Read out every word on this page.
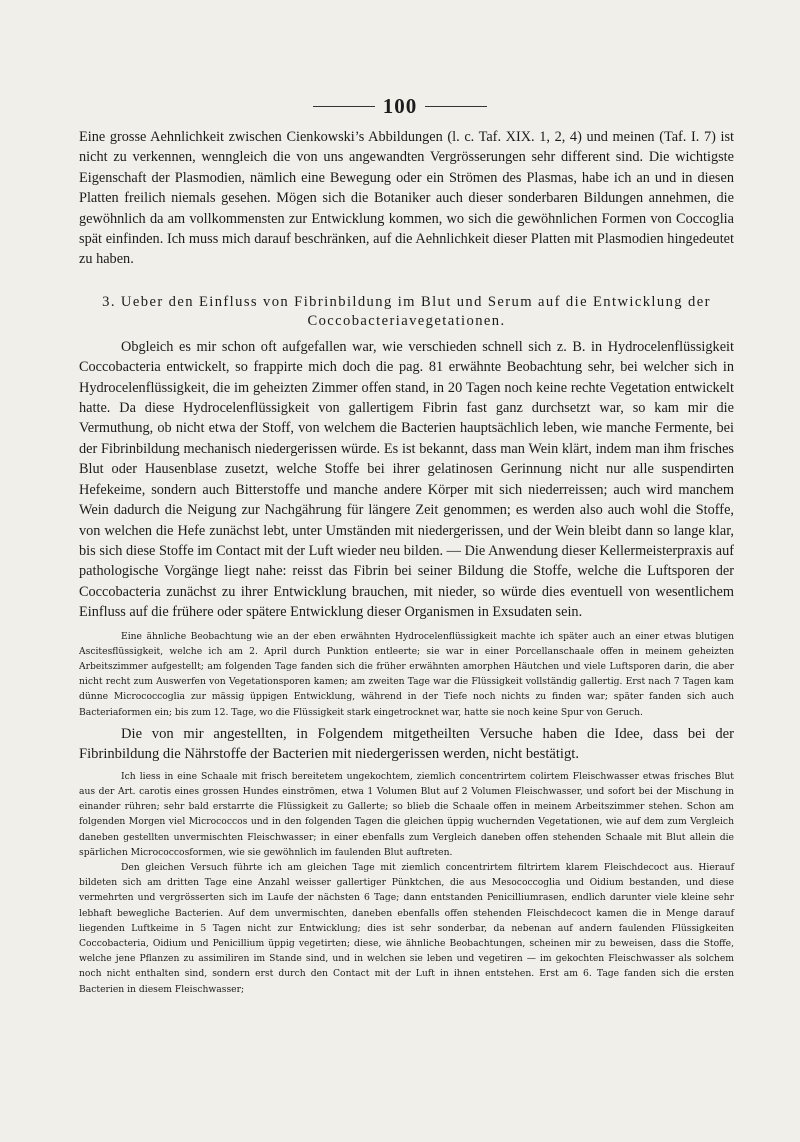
100

Eine grosse Aehnlichkeit zwischen Cienkowski’s Abbildungen (l. c. Taf. XIX. 1, 2, 4) und meinen (Taf. I. 7) ist nicht zu verkennen, wenngleich die von uns angewandten Vergrösserungen sehr different sind. Die wichtigste Eigenschaft der Plasmodien, nämlich eine Bewegung oder ein Strömen des Plasmas, habe ich an und in diesen Platten freilich niemals gesehen. Mögen sich die Botaniker auch dieser sonderbaren Bildungen annehmen, die gewöhnlich da am vollkommensten zur Entwicklung kommen, wo sich die gewöhnlichen Formen von Coccoglia spät einfinden. Ich muss mich darauf beschränken, auf die Aehnlichkeit dieser Platten mit Plasmodien hingedeutet zu haben.

3. Ueber den Einfluss von Fibrinbildung im Blut und Serum auf die Entwicklung der Coccobacteriavegetationen.

Obgleich es mir schon oft aufgefallen war, wie verschieden schnell sich z. B. in Hydrocelenflüssigkeit Coccobacteria entwickelt, so frappirte mich doch die pag. 81 erwähnte Beobachtung sehr, bei welcher sich in Hydrocelenflüssigkeit, die im geheizten Zimmer offen stand, in 20 Tagen noch keine rechte Vegetation entwickelt hatte. Da diese Hydrocelenflüssigkeit von gallertigem Fibrin fast ganz durchsetzt war, so kam mir die Vermuthung, ob nicht etwa der Stoff, von welchem die Bacterien hauptsächlich leben, wie manche Fermente, bei der Fibrinbildung mechanisch niedergerissen würde. Es ist bekannt, dass man Wein klärt, indem man ihm frisches Blut oder Hausenblase zusetzt, welche Stoffe bei ihrer gelatinosen Gerinnung nicht nur alle suspendirten Hefekeime, sondern auch Bitterstoffe und manche andere Körper mit sich niederreissen; auch wird manchem Wein dadurch die Neigung zur Nachgährung für längere Zeit genommen; es werden also auch wohl die Stoffe, von welchen die Hefe zunächst lebt, unter Umständen mit niedergerissen, und der Wein bleibt dann so lange klar, bis sich diese Stoffe im Contact mit der Luft wieder neu bilden. — Die Anwendung dieser Kellermeisterpraxis auf pathologische Vorgänge liegt nahe: reisst das Fibrin bei seiner Bildung die Stoffe, welche die Luftsporen der Coccobacteria zunächst zu ihrer Entwicklung brauchen, mit nieder, so würde dies eventuell von wesentlichem Einfluss auf die frühere oder spätere Entwicklung dieser Organismen in Exsudaten sein.

Eine ähnliche Beobachtung wie an der eben erwähnten Hydrocelenflüssigkeit machte ich später auch an einer etwas blutigen Ascitesflüssigkeit, welche ich am 2. April durch Punktion entleerte; sie war in einer Porcellanschaale offen in meinem geheizten Arbeitszimmer aufgestellt; am folgenden Tage fanden sich die früher erwähnten amorphen Häutchen und viele Luftsporen darin, die aber nicht recht zum Auswerfen von Vegetationsporen kamen; am zweiten Tage war die Flüssigkeit vollständig gallertig. Erst nach 7 Tagen kam dünne Micrococcoglia zur mässig üppigen Entwicklung, während in der Tiefe noch nichts zu finden war; später fanden sich auch Bacteriaformen ein; bis zum 12. Tage, wo die Flüssigkeit stark eingetrocknet war, hatte sie noch keine Spur von Geruch.

Die von mir angestellten, in Folgendem mitgetheilten Versuche haben die Idee, dass bei der Fibrinbildung die Nährstoffe der Bacterien mit niedergerissen werden, nicht bestätigt.

Ich liess in eine Schaale mit frisch bereitetem ungekochtem, ziemlich concentrirtem colirtem Fleischwasser etwas frisches Blut aus der Art. carotis eines grossen Hundes einströmen, etwa 1 Volumen Blut auf 2 Volumen Fleischwasser, und sofort bei der Mischung in einander rühren; sehr bald erstarrte die Flüssigkeit zu Gallerte; so blieb die Schaale offen in meinem Arbeitszimmer stehen. Schon am folgenden Morgen viel Micrococcos und in den folgenden Tagen die gleichen üppig wuchernden Vegetationen, wie auf dem zum Vergleich daneben gestellten unvermischten Fleischwasser; in einer ebenfalls zum Vergleich daneben offen stehenden Schaale mit Blut allein die spärlichen Micrococcosformen, wie sie gewöhnlich im faulenden Blut auftreten.

Den gleichen Versuch führte ich am gleichen Tage mit ziemlich concentrirtem filtrirtem klarem Fleischdecoct aus. Hierauf bildeten sich am dritten Tage eine Anzahl weisser gallertiger Pünktchen, die aus Mesococcoglia und Oidium bestanden, und diese vermehrten und vergrösserten sich im Laufe der nächsten 6 Tage; dann entstanden Penicilliumrasen, endlich darunter viele kleine sehr lebhaft bewegliche Bacterien. Auf dem unvermischten, daneben ebenfalls offen stehenden Fleischdecoct kamen die in Menge darauf liegenden Luftkeime in 5 Tagen nicht zur Entwicklung; dies ist sehr sonderbar, da nebenan auf andern faulenden Flüssigkeiten Coccobacteria, Oidium und Penicillium üppig vegetirten; diese, wie ähnliche Beobachtungen, scheinen mir zu beweisen, dass die Stoffe, welche jene Pflanzen zu assimiliren im Stande sind, und in welchen sie leben und vegetiren — im gekochten Fleischwasser als solchem noch nicht enthalten sind, sondern erst durch den Contact mit der Luft in ihnen entstehen. Erst am 6. Tage fanden sich die ersten Bacterien in diesem Fleischwasser;
